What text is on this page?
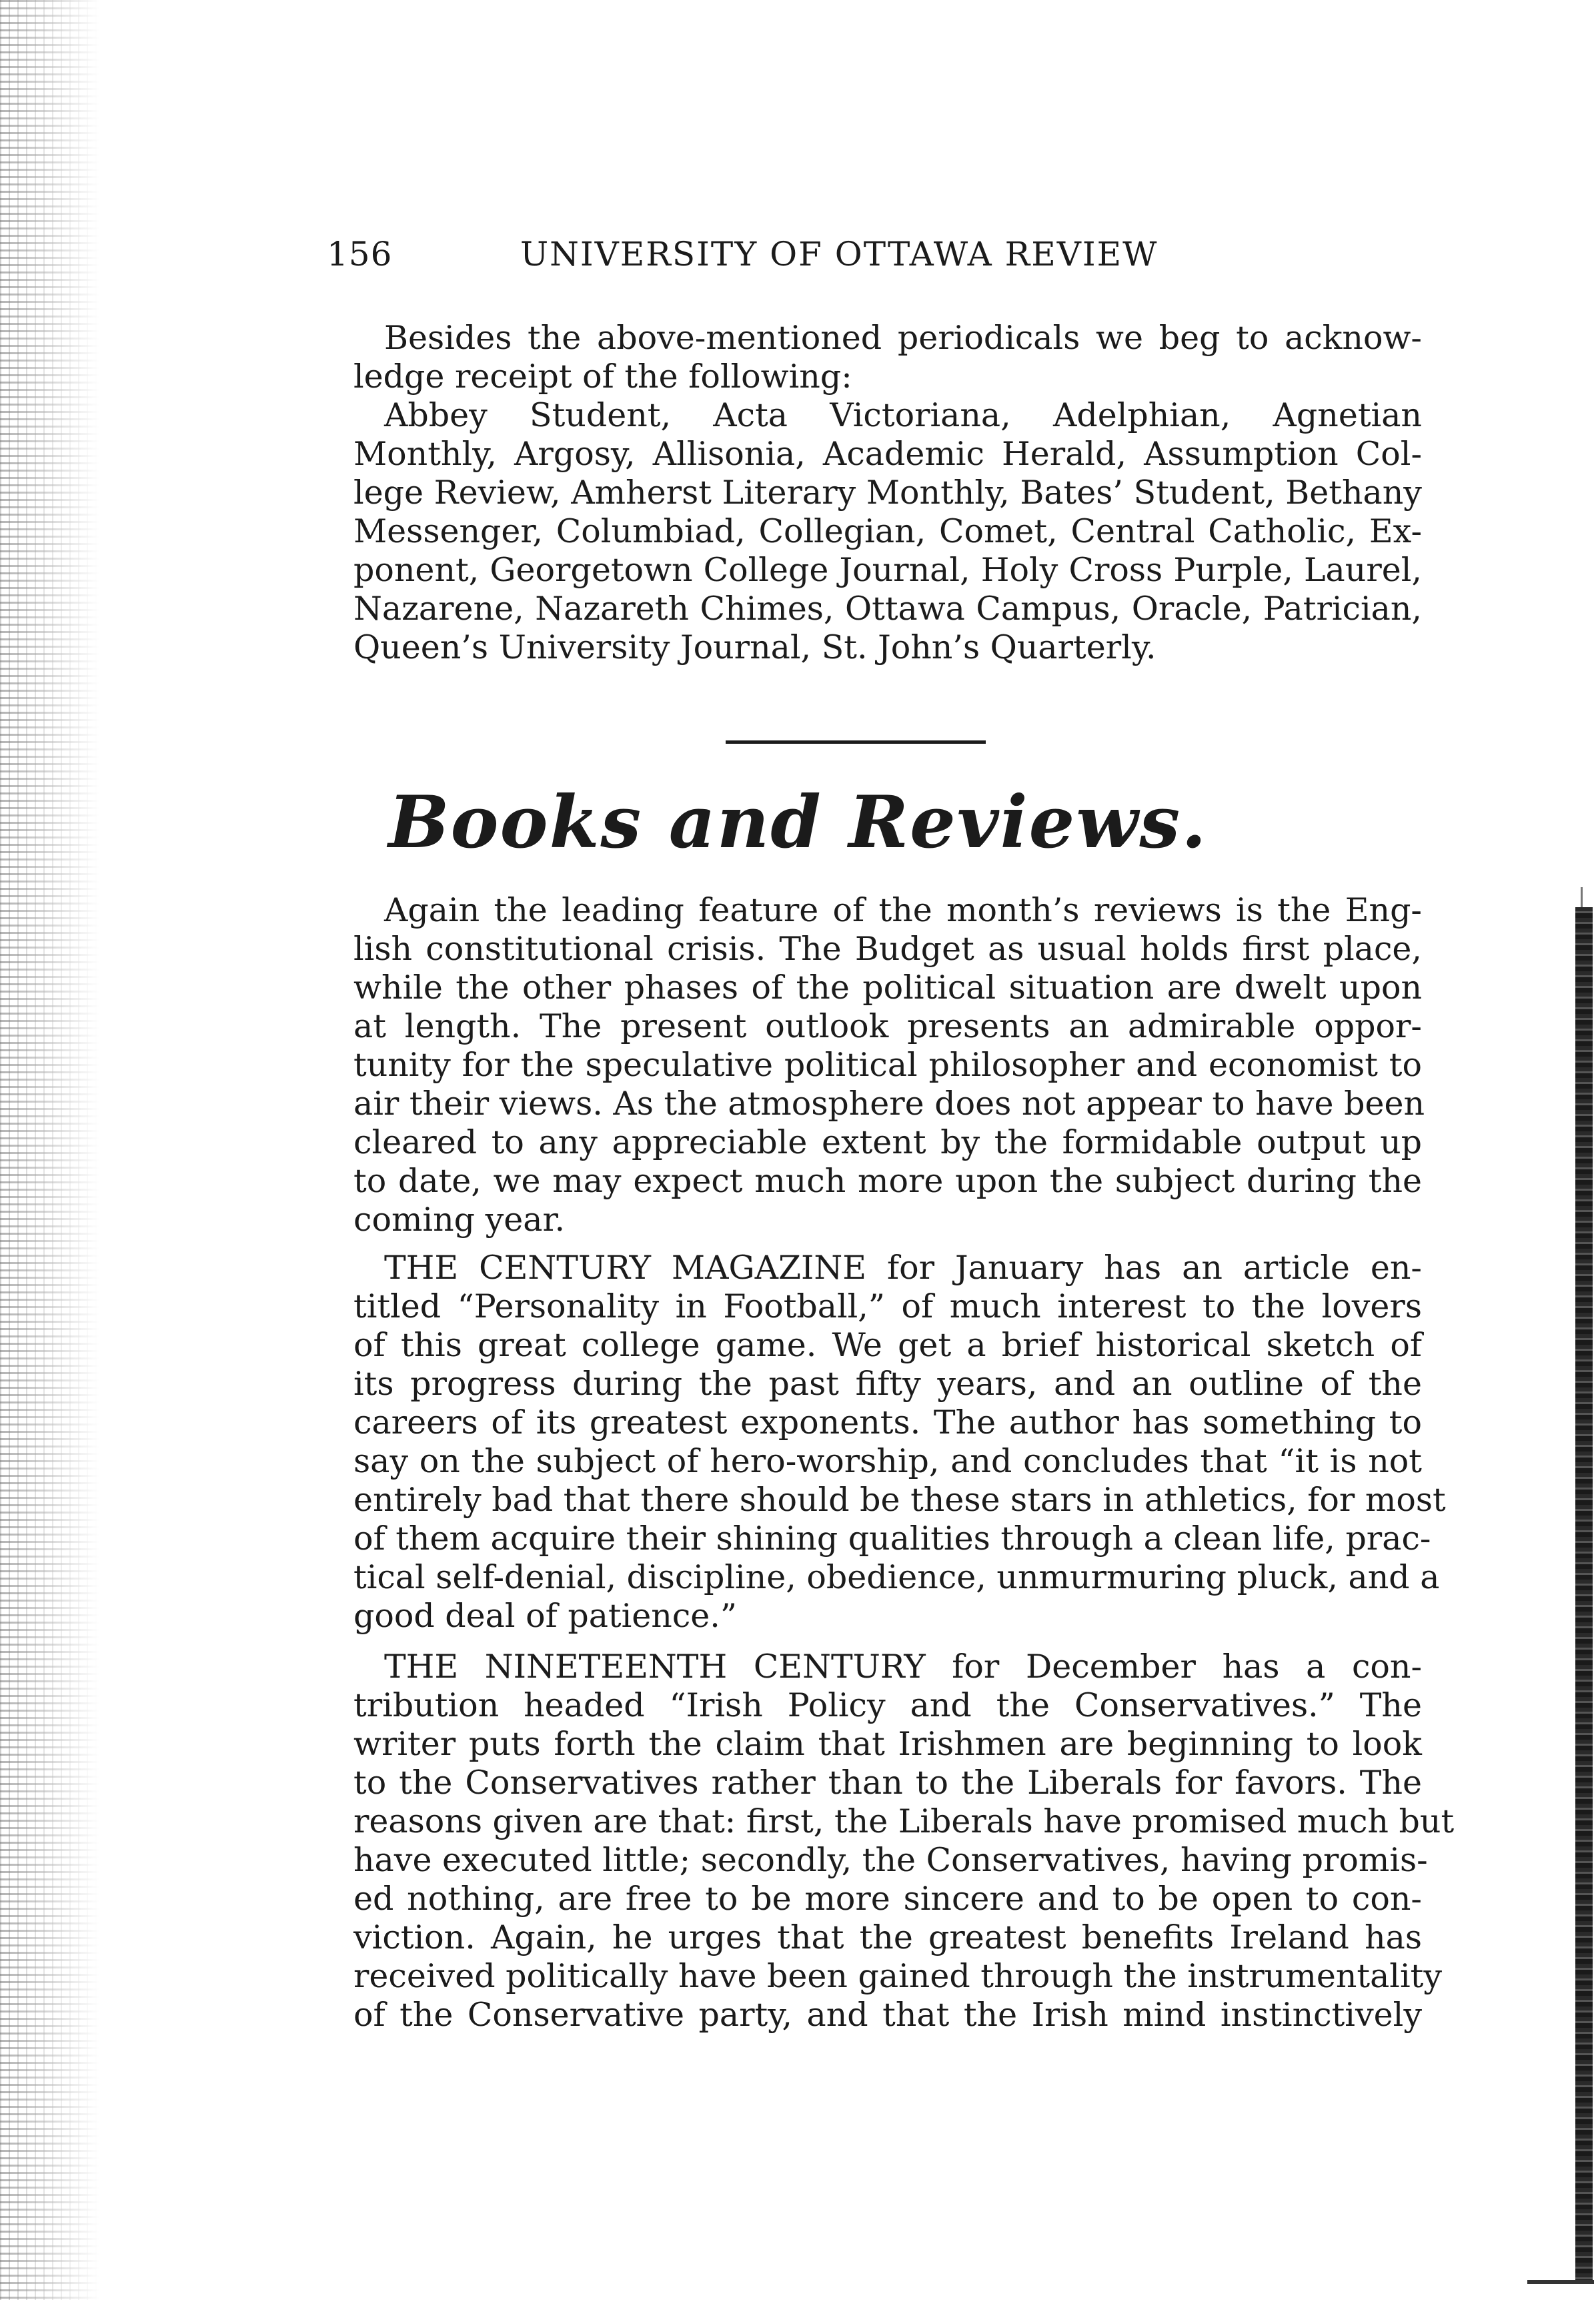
156	UNIVERSITY OF OTTAWA REVIEW
Besides the above-mentioned periodicals we beg to acknow-
ledge receipt of the following:
Abbey Student, Acta Victoriana, Adelphian, Agnetian
Monthly, Argosy, Allisonia, Academic Herald, Assumption Col-
lege Review, Amherst Literary Monthly, Bates’ Student, Bethany
Messenger, Columbiad, Collegian, Comet, Central Catholic, Ex-
ponent, Georgetown College Journal, Holy Cross Purple, Laurel,
Nazarene, Nazareth Chimes, Ottawa Campus, Oracle, Patrician,
Queen’s University Journal, St. John’s Quarterly.
Books and Reviews.
Again the leading feature of the month’s reviews is the Eng-
lish constitutional crisis. The Budget as usual holds first place,
while the other phases of the political situation are dwelt upon
at length. The present outlook presents an admirable oppor-
tunity for the speculative political philosopher and economist to
air their views. As the atmosphere does not appear to have been
cleared to any appreciable extent by the formidable output up
to date, we may expect much more upon the subject during the
coming year.
THE CENTURY MAGAZINE for January has an article en-
titled “Personality in Football,” of much interest to the lovers
of this great college game. We get a brief historical sketch of
its progress during the past fifty years, and an outline of the
careers of its greatest exponents. The author has something to
say on the subject of hero-worship, and concludes that “it is not
entirely bad that there should be these stars in athletics, for most
of them acquire their shining qualities through a clean life, prac-
tical self-denial, discipline, obedience, unmurmuring pluck, and a
good deal of patience.”
THE NINETEENTH CENTURY for December has a con-
tribution headed “Irish Policy and the Conservatives.” The
writer puts forth the claim that Irishmen are beginning to look
to the Conservatives rather than to the Liberals for favors. The
reasons given are that: first, the Liberals have promised much but
have executed little; secondly, the Conservatives, having promis-
ed nothing, are free to be more sincere and to be open to con-
viction. Again, he urges that the greatest benefits Ireland has
received politically have been gained through the instrumentality
of the Conservative party, and that the Irish mind instinctively
